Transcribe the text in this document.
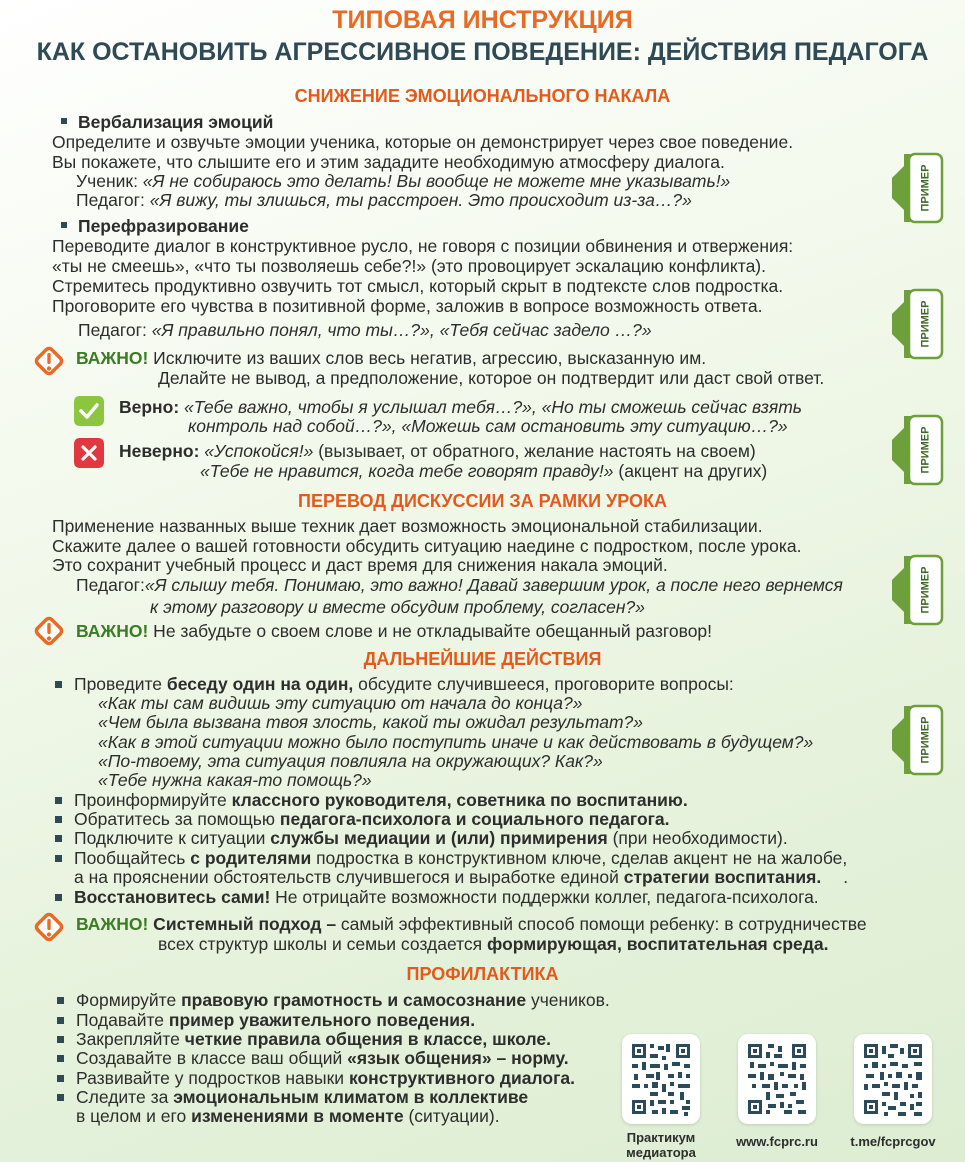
ТИПОВАЯ ИНСТРУКЦИЯ
КАК ОСТАНОВИТЬ АГРЕССИВНОЕ ПОВЕДЕНИЕ: ДЕЙСТВИЯ ПЕДАГОГА
СНИЖЕНИЕ ЭМОЦИОНАЛЬНОГО НАКАЛА
Вербализация эмоций
Определите и озвучьте эмоции ученика, которые он демонстрирует через свое поведение.
Вы покажете, что слышите его и этим зададите необходимую атмосферу диалога.
Ученик: «Я не собираюсь это делать! Вы вообще не можете мне указывать!»
Педагог: «Я вижу, ты злишься, ты расстроен. Это происходит из-за…?»
Перефразирование
Переводите диалог в конструктивное русло, не говоря с позиции обвинения и отвержения:
«ты не смеешь», «что ты позволяешь себе?!» (это провоцирует эскалацию конфликта).
Стремитесь продуктивно озвучить тот смысл, который скрыт в подтексте слов подростка.
Проговорите его чувства в позитивной форме, заложив в вопросе возможность ответа.
Педагог: «Я правильно понял, что ты…?», «Тебя сейчас задело …?»
ВАЖНО! Исключите из ваших слов весь негатив, агрессию, высказанную им.
Делайте не вывод, а предположение, которое он подтвердит или даст свой ответ.
Верно: «Тебе важно, чтобы я услышал тебя…?», «Но ты сможешь сейчас взять
контроль над собой…?», «Можешь сам остановить эту ситуацию…?»
Неверно: «Успокойся!» (вызывает, от обратного, желание настоять на своем)
«Тебе не нравится, когда тебе говорят правду!» (акцент на других)
ПЕРЕВОД ДИСКУССИИ ЗА РАМКИ УРОКА
Применение названных выше техник дает возможность эмоциональной стабилизации.
Скажите далее о вашей готовности обсудить ситуацию наедине с подростком, после урока.
Это сохранит учебный процесс и даст время для снижения накала эмоций.
Педагог:«Я слышу тебя. Понимаю, это важно! Давай завершим урок, а после него вернемся
к этому разговору и вместе обсудим проблему, согласен?»
ВАЖНО! Не забудьте о своем слове и не откладывайте обещанный разговор!
ДАЛЬНЕЙШИЕ ДЕЙСТВИЯ
Проведите беседу один на один, обсудите случившееся, проговорите вопросы:
«Как ты сам видишь эту ситуацию от начала до конца?»
«Чем была вызвана твоя злость, какой ты ожидал результат?»
«Как в этой ситуации можно было поступить иначе и как действовать в будущем?»
«По-твоему, эта ситуация повлияла на окружающих? Как?»
«Тебе нужна какая-то помощь?»
Проинформируйте классного руководителя, советника по воспитанию.
Обратитесь за помощью педагога-психолога и социального педагога.
Подключите к ситуации службы медиации и (или) примирения (при необходимости).
Пообщайтесь с родителями подростка в конструктивном ключе, сделав акцент не на жалобе,
а на прояснении обстоятельств случившегося и выработке единой стратегии воспитания. .
Восстановитесь сами! Не отрицайте возможности поддержки коллег, педагога-психолога.
ВАЖНО! Системный подход – самый эффективный способ помощи ребенку: в сотрудничестве
всех структур школы и семьи создается формирующая, воспитательная среда.
ПРОФИЛАКТИКА
Формируйте правовую грамотность и самосознание учеников.
Подавайте пример уважительного поведения.
Закрепляйте четкие правила общения в классе, школе.
Создавайте в классе ваш общий «язык общения» – норму.
Развивайте у подростков навыки конструктивного диалога.
Следите за эмоциональным климатом в коллективе
в целом и его изменениями в моменте (ситуации).
ПРИМЕР
ПРИМЕР
ПРИМЕР
ПРИМЕР
ПРИМЕР
Практикум
медиатора
www.fcprc.ru	t.me/fcprcgov
